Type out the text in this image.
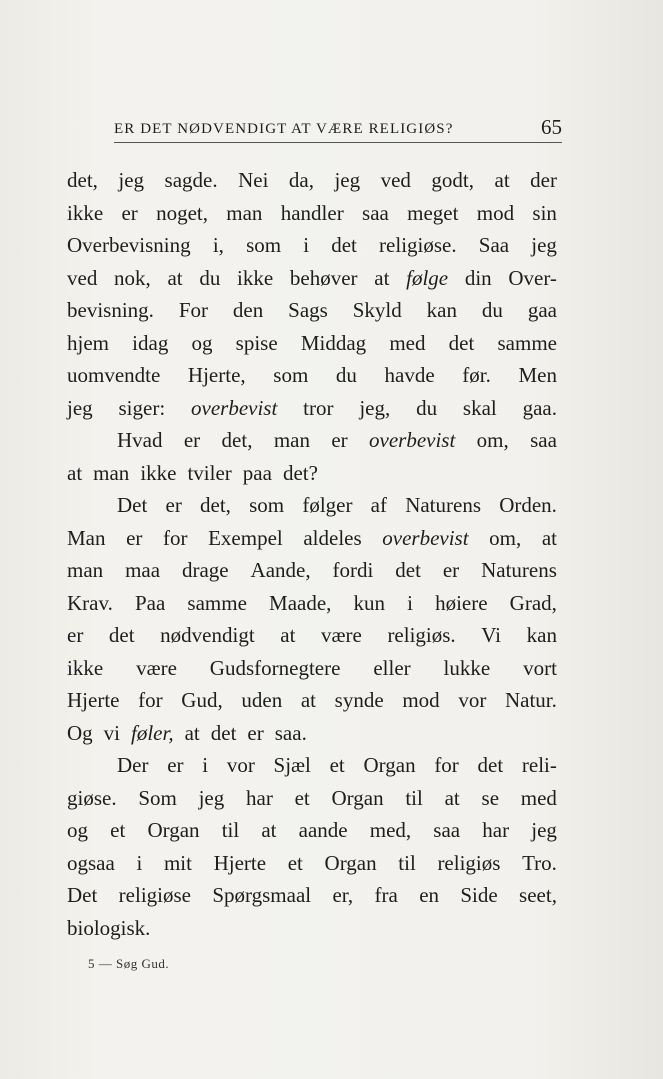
ER DET NØDVENDIGT AT VÆRE RELIGIØS?	65
det, jeg sagde. Nei da, jeg ved godt, at der
ikke er noget, man handler saa meget mod sin
Overbevisning i, som i det religiøse. Saa jeg
ved nok, at du ikke behøver at følge din Over-
bevisning. For den Sags Skyld kan du gaa
hjem idag og spise Middag med det samme
uomvendte Hjerte, som du havde før. Men
jeg siger: overbevist tror jeg, du skal gaa.
Hvad er det, man er overbevist om, saa
at man ikke tviler paa det?
Det er det, som følger af Naturens Orden.
Man er for Exempel aldeles overbevist om, at
man maa drage Aande, fordi det er Naturens
Krav. Paa samme Maade, kun i høiere Grad,
er det nødvendigt at være religiøs. Vi kan
ikke være Gudsfornegtere eller lukke vort
Hjerte for Gud, uden at synde mod vor Natur.
Og vi føler, at det er saa.
Der er i vor Sjæl et Organ for det reli-
giøse. Som jeg har et Organ til at se med
og et Organ til at aande med, saa har jeg
ogsaa i mit Hjerte et Organ til religiøs Tro.
Det religiøse Spørgsmaal er, fra en Side seet,
biologisk.
5 — Søg Gud.
